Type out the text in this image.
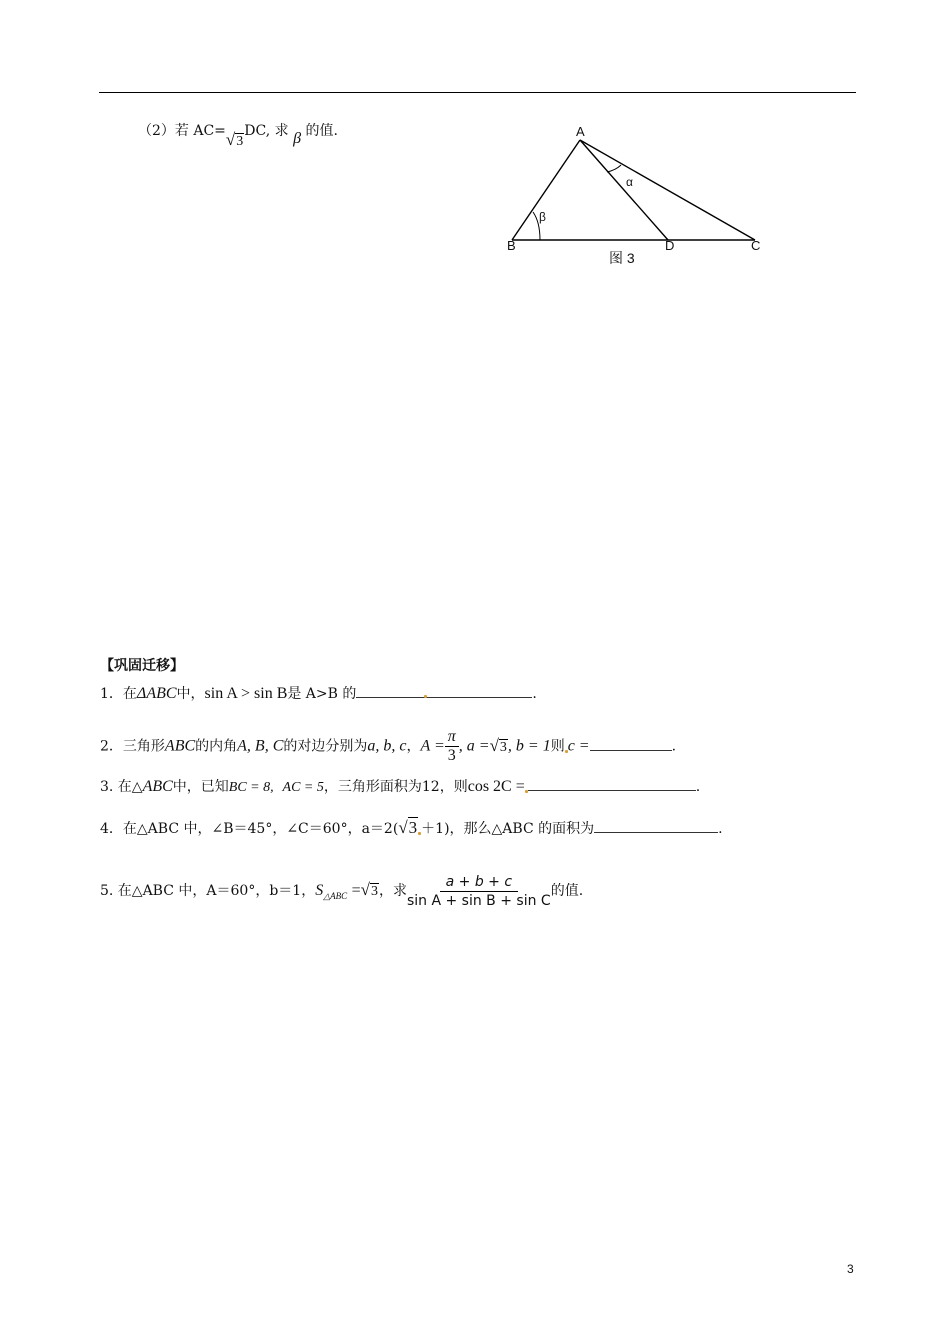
（2）若 AC=√3DC, 求 β 的值.	A
B	D	C
α
β
图 3
【巩固迁移】
1．在ΔABC中，sin A > sin B是 A>B 的	.
2．三角形ABC的内角A, B, C的对边分别为a, b, c，$A = \frac{\pi}{3}$ , a =√3, b = 1则 c =	.
3. 在△ABC中，已知BC = 8, AC = 5，三角形面积为12，则cos 2C =	.
4．在△ABC 中，∠B＝45°，∠C＝60°，a＝2(√3 ＋1)，那么△ABC 的面积为	.
5. 在△ABC 中，A＝60°，b＝1，$S_{\triangle ABC} =√3$，求 $\frac{a + b + c}{\text{sin A + sin B + sin C}}$ 的值.
3
